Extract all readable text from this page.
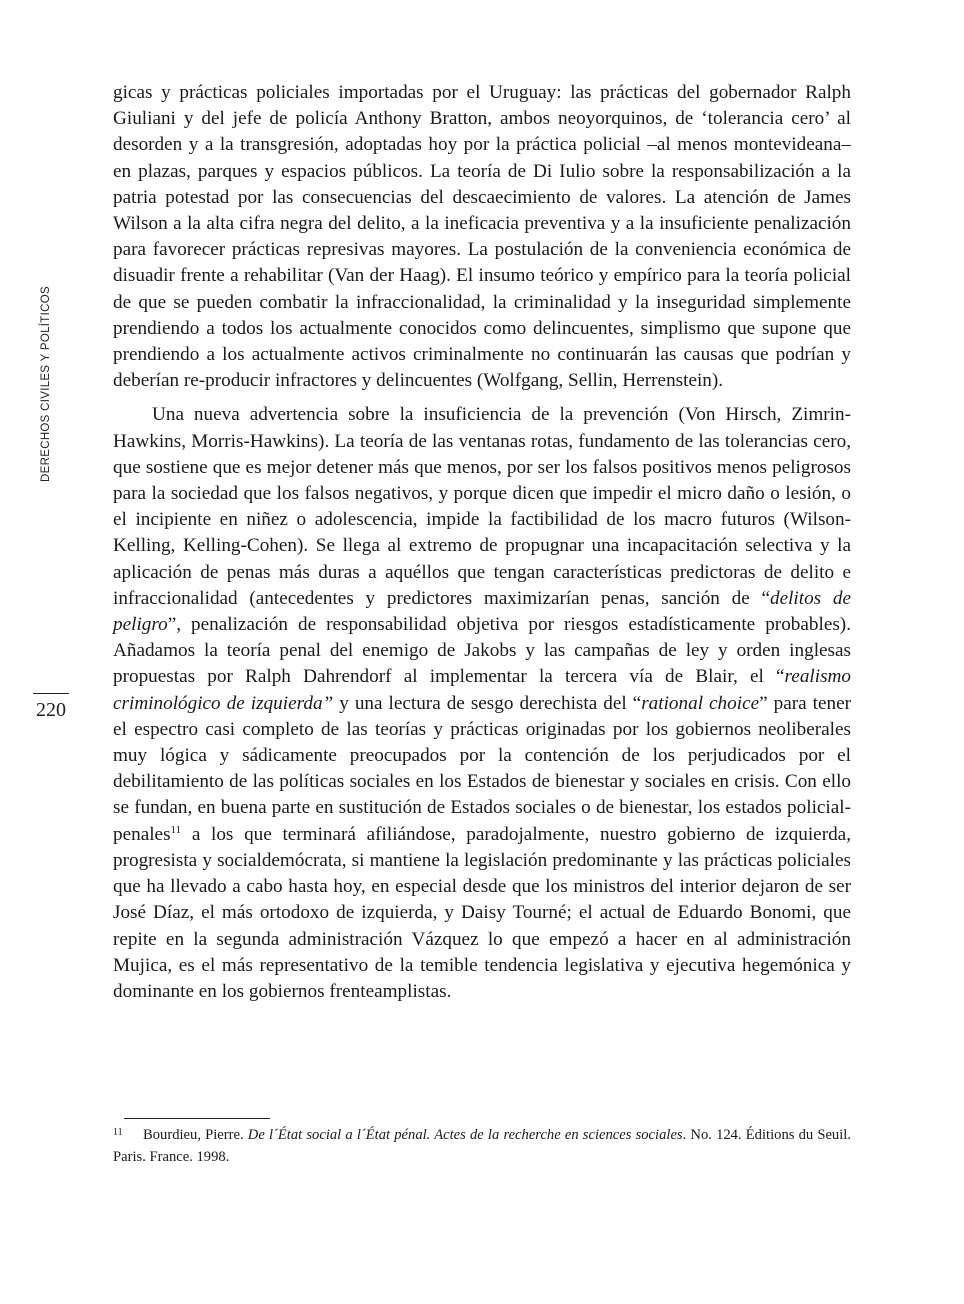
DERECHOS CIVILES Y POLÍTICOS
220

gicas y prácticas policiales importadas por el Uruguay: las prácticas del gobernador Ralph Giuliani y del jefe de policía Anthony Bratton, ambos neoyorquinos, de ‘tolerancia cero’ al desorden y a la transgresión, adoptadas hoy por la práctica policial –al menos montevideana– en plazas, parques y espacios públicos. La teoría de Di Iulio sobre la responsabilización a la patria potestad por las consecuencias del descaecimiento de valores. La atención de James Wilson a la alta cifra negra del delito, a la ineficacia preventiva y a la insuficiente penalización para favorecer prácticas represivas mayores. La postulación de la conveniencia económica de disuadir frente a rehabilitar (Van der Haag). El insumo teórico y empírico para la teoría policial de que se pueden combatir la infraccionalidad, la criminalidad y la inseguridad simplemente prendiendo a todos los actualmente conocidos como delincuentes, simplismo que supone que prendiendo a los actualmente activos criminalmente no continuarán las causas que podrían y deberían re-producir infractores y delincuentes (Wolfgang, Sellin, Herrenstein).

Una nueva advertencia sobre la insuficiencia de la prevención (Von Hirsch, Zimrin-Hawkins, Morris-Hawkins). La teoría de las ventanas rotas, fundamento de las tolerancias cero, que sostiene que es mejor detener más que menos, por ser los falsos positivos menos peligrosos para la sociedad que los falsos negativos, y porque dicen que impedir el micro daño o lesión, o el incipiente en niñez o adolescencia, impide la factibilidad de los macro futuros (Wilson-Kelling, Kelling-Cohen). Se llega al extremo de propugnar una incapacitación selectiva y la aplicación de penas más duras a aquéllos que tengan características predictoras de delito e infraccionalidad (antecedentes y predictores maximizarían penas, sanción de “delitos de peligro”, penalización de responsabilidad objetiva por riesgos estadísticamente probables). Añadamos la teoría penal del enemigo de Jakobs y las campañas de ley y orden inglesas propuestas por Ralph Dahrendorf al implementar la tercera vía de Blair, el “realismo criminológico de izquierda” y una lectura de sesgo derechista del “rational choice” para tener el espectro casi completo de las teorías y prácticas originadas por los gobiernos neoliberales muy lógica y sádicamente preocupados por la contención de los perjudicados por el debilitamiento de las políticas sociales en los Estados de bienestar y sociales en crisis. Con ello se fundan, en buena parte en sustitución de Estados sociales o de bienestar, los estados policial-penales$^{11}$ a los que terminará afiliándose, paradojalmente, nuestro gobierno de izquierda, progresista y socialdemócrata, si mantiene la legislación predominante y las prácticas policiales que ha llevado a cabo hasta hoy, en especial desde que los ministros del interior dejaron de ser José Díaz, el más ortodoxo de izquierda, y Daisy Tourné; el actual de Eduardo Bonomi, que repite en la segunda administración Vázquez lo que empezó a hacer en al administración Mujica, es el más representativo de la temible tendencia legislativa y ejecutiva hegemónica y dominante en los gobiernos frenteamplistas.

11 Bourdieu, Pierre. De l´État social a l´État pénal. Actes de la recherche en sciences sociales. No. 124. Éditions du Seuil. Paris. France. 1998.
